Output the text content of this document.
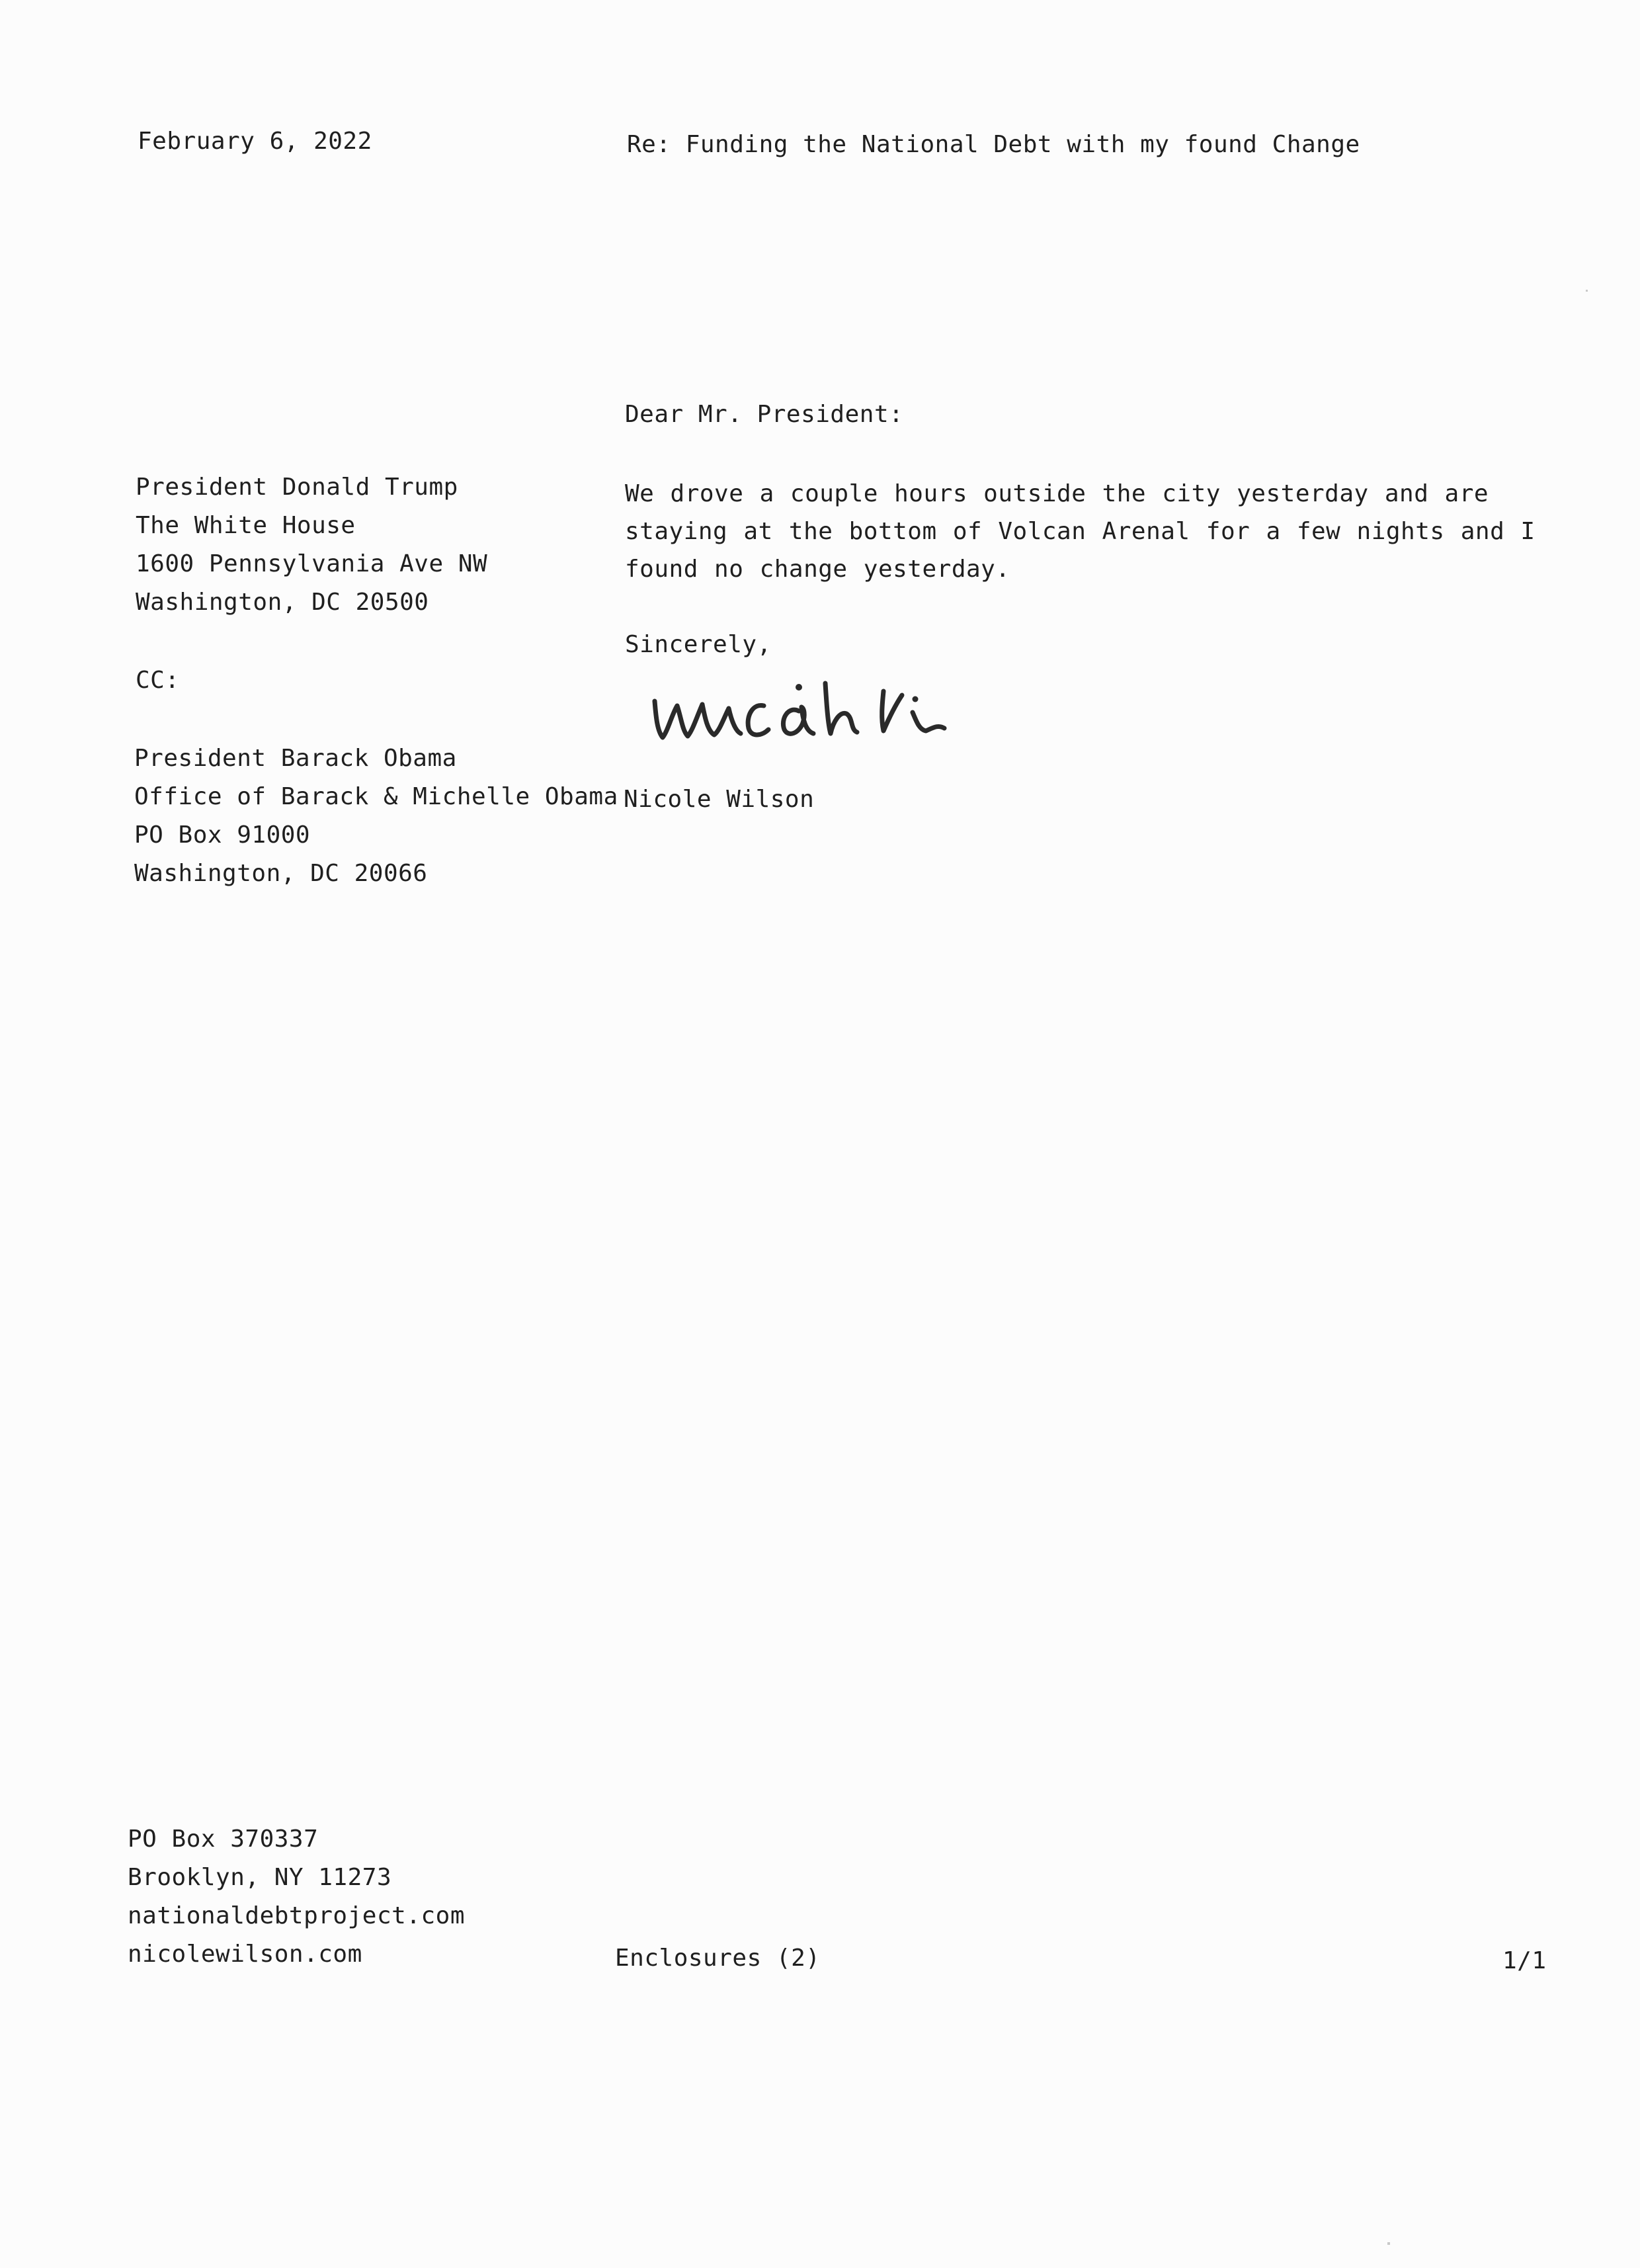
February 6, 2022	Re: Funding the National Debt with my found Change
Dear Mr. President:
President Donald Trump
The White House
1600 Pennsylvania Ave NW
Washington, DC 20500
We drove a couple hours outside the city yesterday and are staying at the bottom of Volcan Arenal for a few nights and I found no change yesterday.
Sincerely,
CC:
President Barack Obama
Office of Barack & Michelle Obama
PO Box 91000
Washington, DC 20066
Nicole Wilson
PO Box 370337
Brooklyn, NY 11273
nationaldebtproject.com
nicolewilson.com	Enclosures (2)	1/1
